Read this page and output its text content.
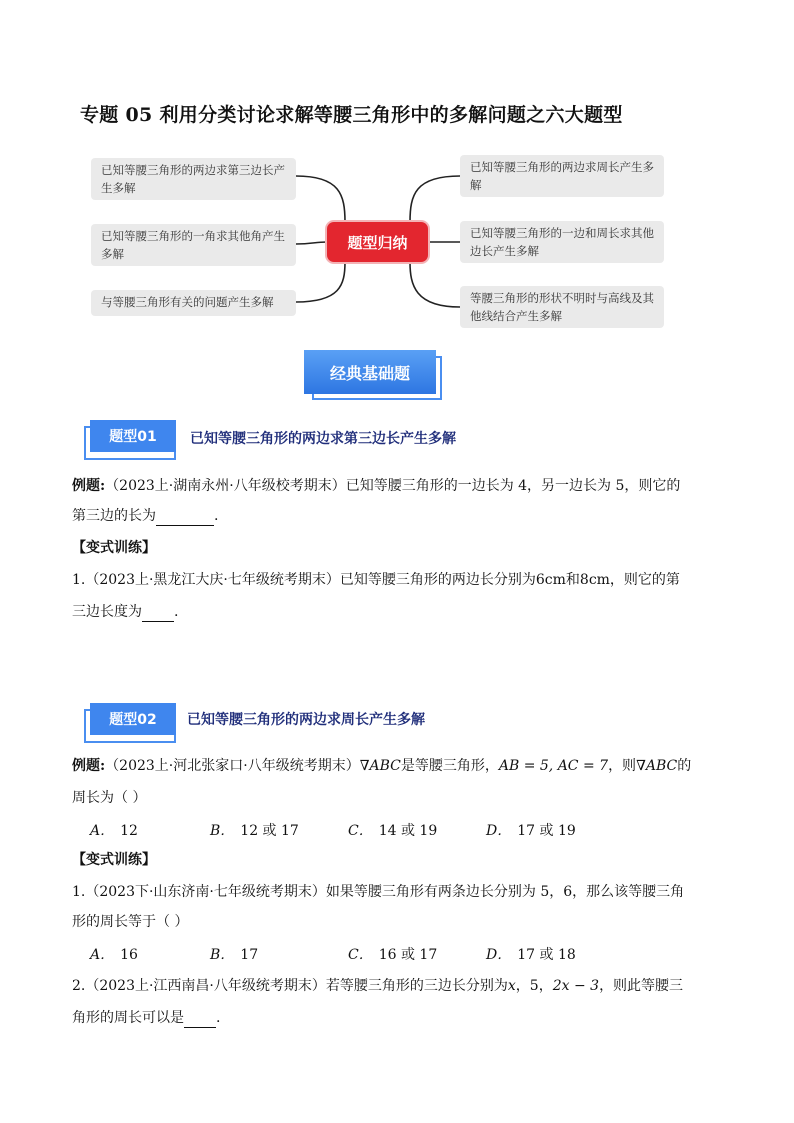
专题 05 利用分类讨论求解等腰三角形中的多解问题之六大题型
已知等腰三角形的两边求第三边长产生多解
已知等腰三角形的一角求其他角产生多解
与等腰三角形有关的问题产生多解
已知等腰三角形的两边求周长产生多解
已知等腰三角形的一边和周长求其他边长产生多解
等腰三角形的形状不明时与高线及其他线结合产生多解
题型归纳
经典基础题
题型01	已知等腰三角形的两边求第三边长产生多解
例题:（2023上·湖南永州·八年级校考期末）已知等腰三角形的一边长为 4，另一边长为 5，则它的
第三边的长为	.
【变式训练】
1.（2023上·黑龙江大庆·七年级统考期末）已知等腰三角形的两边长分别为6cm和8cm，则它的第
三边长度为 .
题型02	已知等腰三角形的两边求周长产生多解
例题:（2023上·河北张家口·八年级统考期末）∇ABC是等腰三角形，AB = 5, AC = 7，则∇ABC的
周长为（ ）
A． 12	B． 12 或 17	C． 14 或 19	D． 17 或 19
【变式训练】
1.（2023下·山东济南·七年级统考期末）如果等腰三角形有两条边长分别为 5，6，那么该等腰三角
形的周长等于（ ）
A． 16	B． 17	C． 16 或 17	D． 17 或 18
2.（2023上·江西南昌·八年级统考期末）若等腰三角形的三边长分别为x，5，2x − 3，则此等腰三
角形的周长可以是 .
